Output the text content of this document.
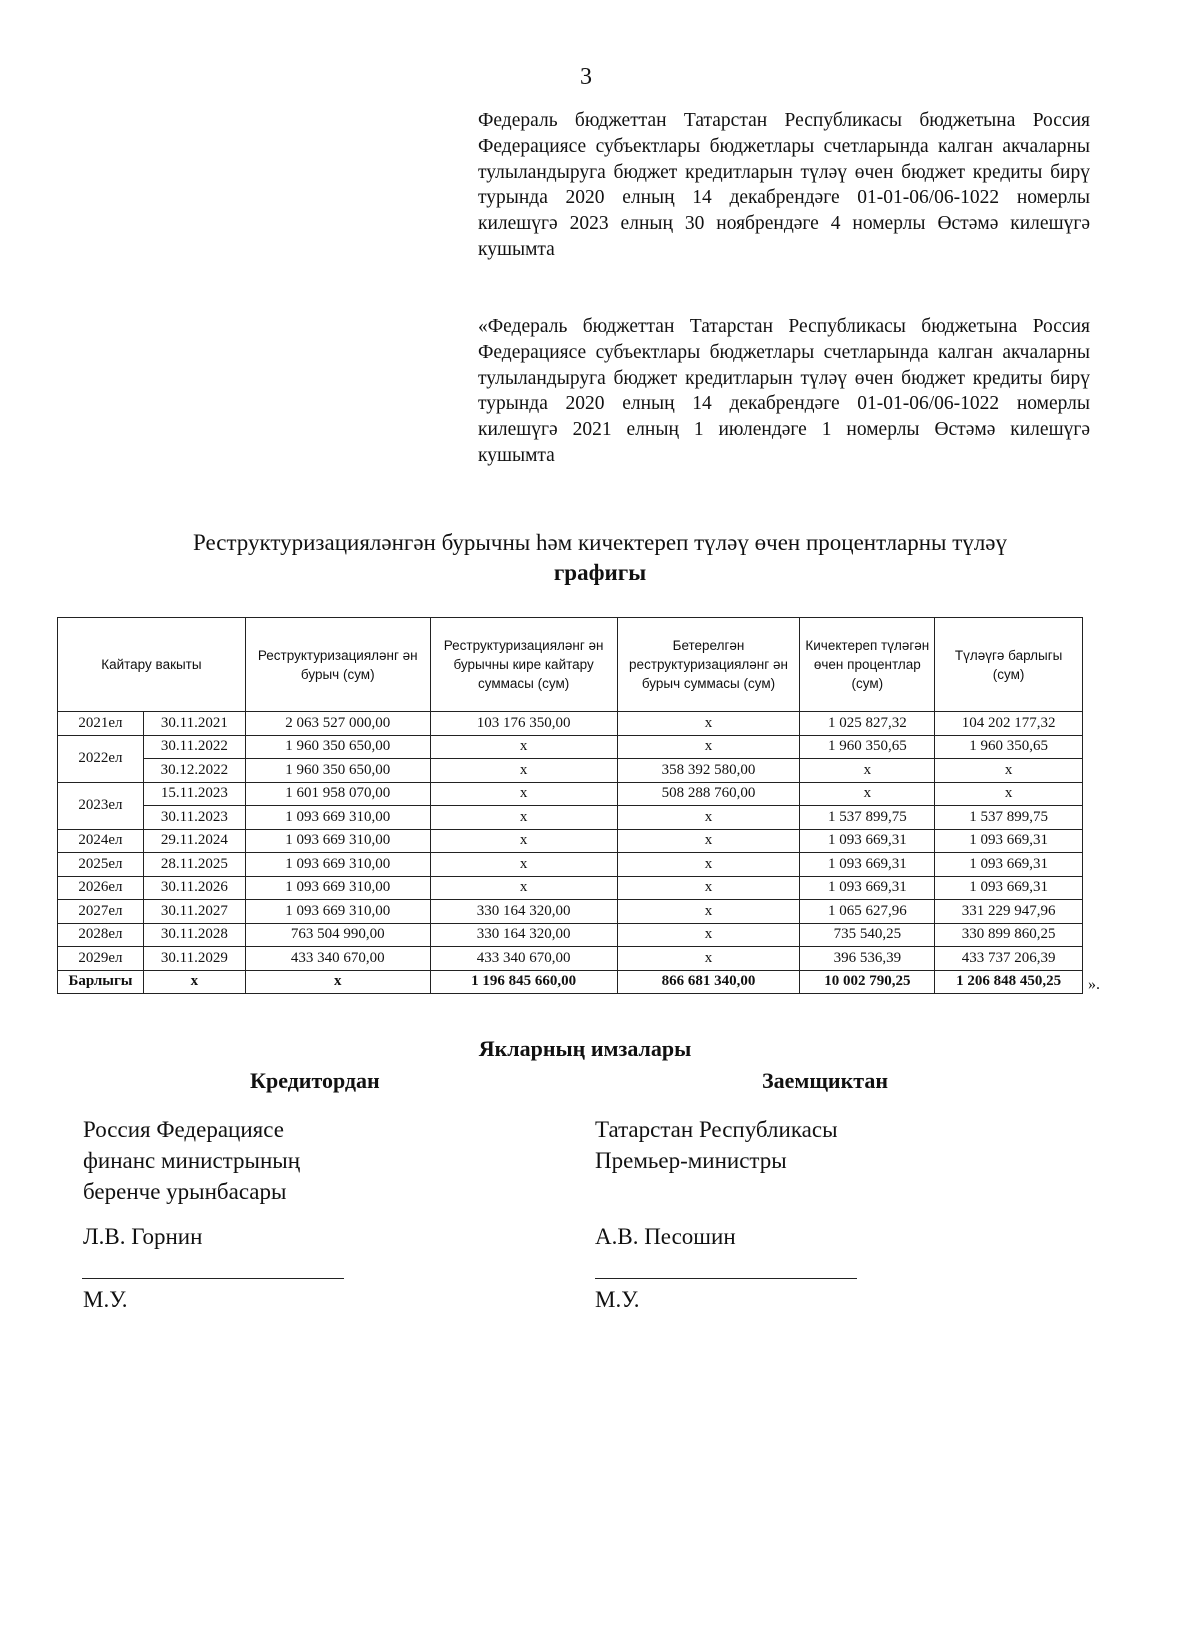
3
Федераль бюджеттан Татарстан Республикасы бюджетына Россия Федерациясе субъектлары бюджетлары счетларында калган акчаларны тулыландыруга бюджет кредитларын түләү өчен бюджет кредиты бирү турында 2020 елның 14 декабрендәге 01-01-06/06-1022 номерлы килешүгә 2023 елның 30 ноябрендәге 4 номерлы Өстәмә килешүгә кушымта
«Федераль бюджеттан Татарстан Республикасы бюджетына Россия Федерациясе субъектлары бюджетлары счетларында калган акчаларны тулыландыруга бюджет кредитларын түләү өчен бюджет кредиты бирү турында 2020 елның 14 декабрендәге 01-01-06/06-1022 номерлы килешүгә 2021 елның 1 июлендәге 1 номерлы Өстәмә килешүгә кушымта
Реструктуризацияләнгән бурычны һәм кичектереп түләү өчен процентларны түләү
графигы
Кайтару вакыты		Реструктуризацияләнг ән бурыч (сум)	Реструктуризацияләнг ән бурычны кире кайтару суммасы (сум)	Бетерелгән реструктуризацияләнг ән бурыч суммасы (сум)	Кичектереп түләгән өчен процентлар (сум)	Түләүгә барлыгы (сум)
2021ел	30.11.2021	2 063 527 000,00	103 176 350,00	х	1 025 827,32	104 202 177,32
2022ел	30.11.2022	1 960 350 650,00	х	х	1 960 350,65	1 960 350,65
	30.12.2022	1 960 350 650,00	х	358 392 580,00	х	х
2023ел	15.11.2023	1 601 958 070,00	х	508 288 760,00	х	х
	30.11.2023	1 093 669 310,00	х	х	1 537 899,75	1 537 899,75
2024ел	29.11.2024	1 093 669 310,00	х	х	1 093 669,31	1 093 669,31
2025ел	28.11.2025	1 093 669 310,00	х	х	1 093 669,31	1 093 669,31
2026ел	30.11.2026	1 093 669 310,00	х	х	1 093 669,31	1 093 669,31
2027ел	30.11.2027	1 093 669 310,00	330 164 320,00	х	1 065 627,96	331 229 947,96
2028ел	30.11.2028	763 504 990,00	330 164 320,00	х	735 540,25	330 899 860,25
2029ел	30.11.2029	433 340 670,00	433 340 670,00	х	396 536,39	433 737 206,39
Барлыгы	х	х	1 196 845 660,00	866 681 340,00	10 002 790,25	1 206 848 450,25 ».
Якларның имзалары
Кредитордан	Заемщиктан
Россия Федерациясе
финанс министрының
беренче урынбасары
Л.В. Горнин
М.У.
Татарстан Республикасы
Премьер-министры
А.В. Песошин
М.У.
